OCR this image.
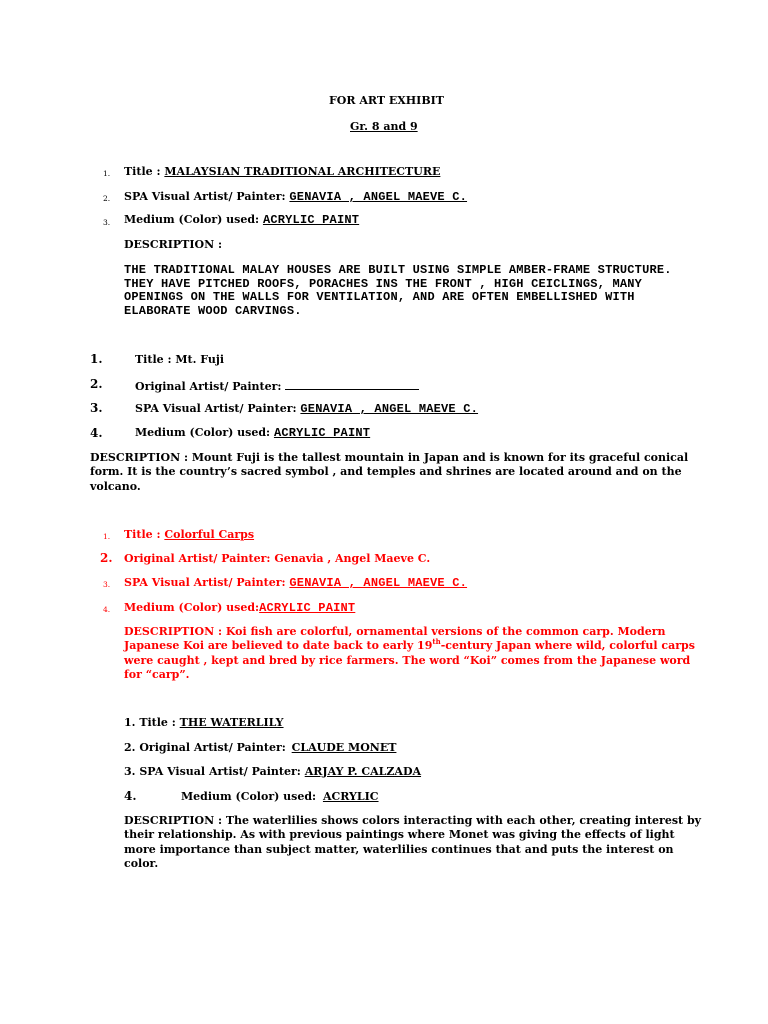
FOR ART EXHIBIT
Gr. 8 and 9
1. Title : MALAYSIAN TRADITIONAL ARCHITECTURE
2. SPA Visual Artist/ Painter: GENAVIA , ANGEL MAEVE C.
3. Medium (Color) used: ACRYLIC PAINT
DESCRIPTION :
THE TRADITIONAL MALAY HOUSES ARE BUILT USING SIMPLE AMBER-FRAME STRUCTURE.
THEY HAVE PITCHED ROOFS, PORACHES INS THE FRONT , HIGH CEICLINGS, MANY
OPENINGS ON THE WALLS FOR VENTILATION, AND ARE OFTEN EMBELLISHED WITH
ELABORATE WOOD CARVINGS.
1.	Title : Mt. Fuji
2.	Original Artist/ Painter:
3.	SPA Visual Artist/ Painter: GENAVIA , ANGEL MAEVE C.
4.	Medium (Color) used: ACRYLIC PAINT
DESCRIPTION : Mount Fuji is the tallest mountain in Japan and is known for its graceful conical
form. It is the country’s sacred symbol , and temples and shrines are located around and on the
volcano.
1. Title : Colorful Carps
2. Original Artist/ Painter: Genavia , Angel Maeve C.
3. SPA Visual Artist/ Painter: GENAVIA , ANGEL MAEVE C.
4. Medium (Color) used:ACRYLIC PAINT
DESCRIPTION : Koi fish are colorful, ornamental versions of the common carp. Modern
Japanese Koi are believed to date back to early 19th-century Japan where wild, colorful carps
were caught , kept and bred by rice farmers. The word “Koi” comes from the Japanese word
for “carp”.
1. Title : THE WATERLILY
2. Original Artist/ Painter: CLAUDE MONET
3. SPA Visual Artist/ Painter: ARJAY P. CALZADA
4.	Medium (Color) used: ACRYLIC
DESCRIPTION : The waterlilies shows colors interacting with each other, creating interest by
their relationship. As with previous paintings where Monet was giving the effects of light
more importance than subject matter, waterlilies continues that and puts the interest on
color.
